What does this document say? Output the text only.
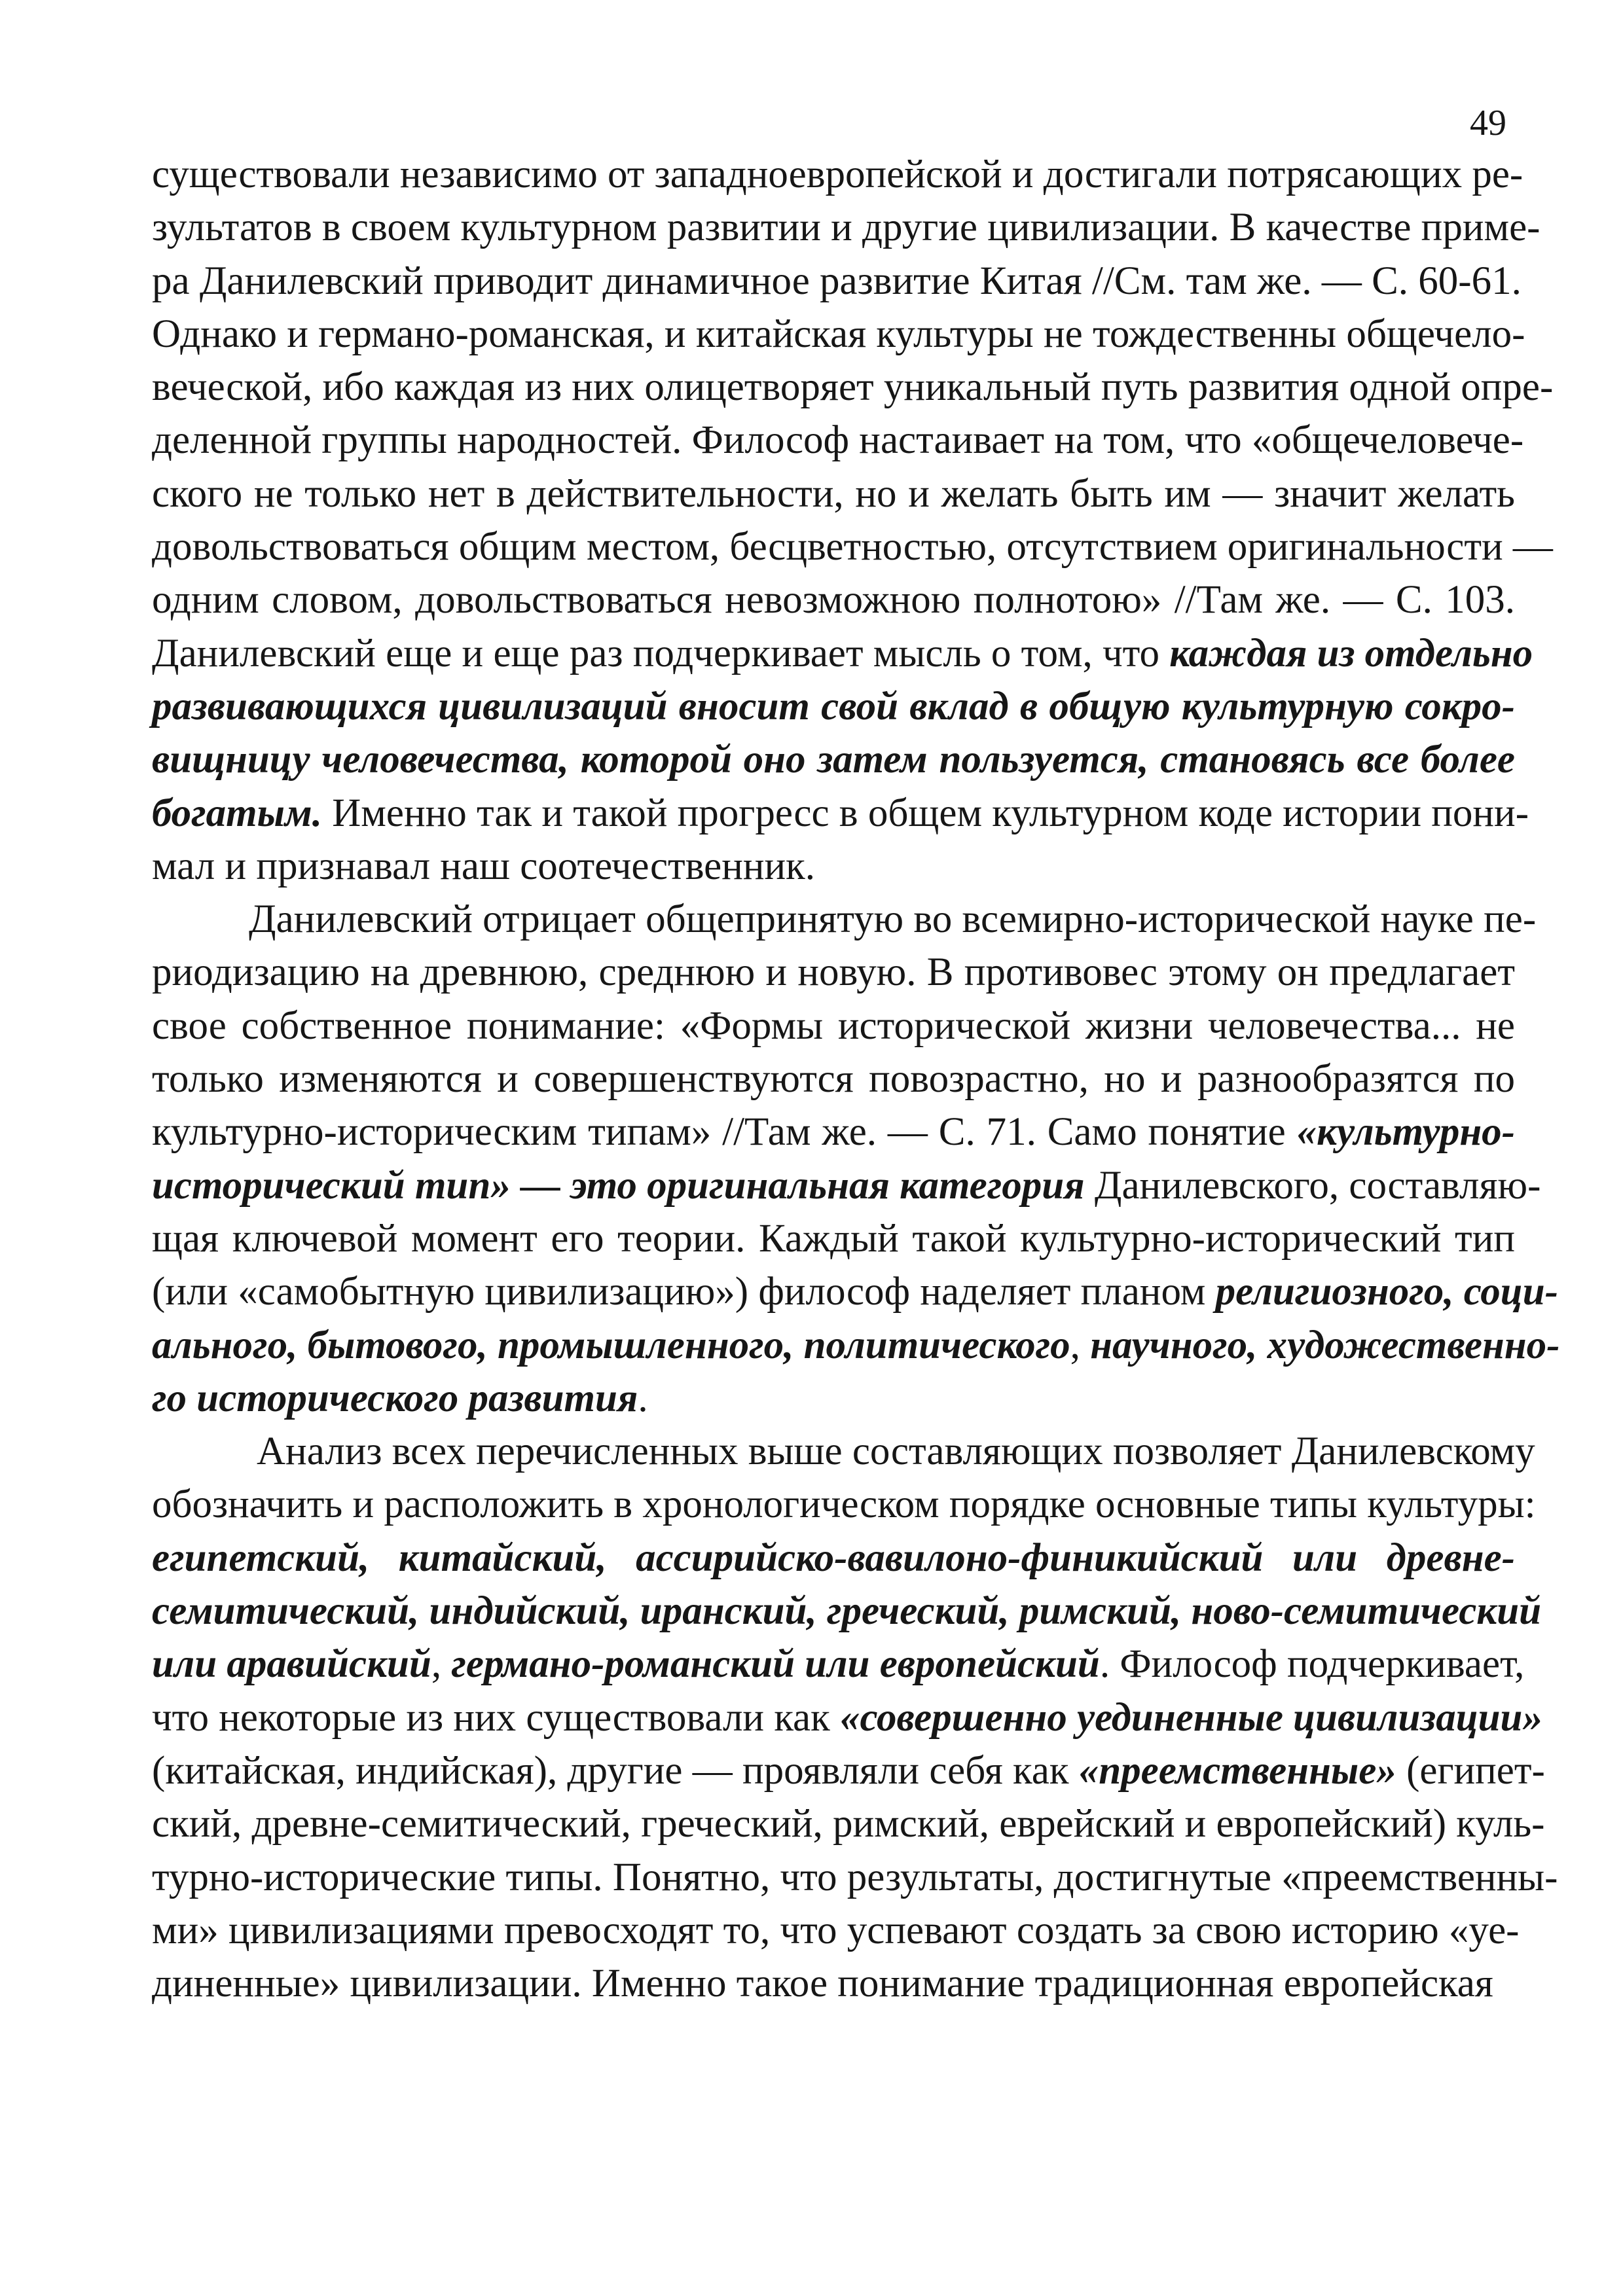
49
существовали независимо от западноевропейской и достигали потрясающих ре-
зультатов в своем культурном развитии и другие цивилизации. В качестве приме-
ра Данилевский приводит динамичное развитие Китая //См. там же. — С. 60-61.
Однако и германо-романская, и китайская культуры не тождественны общечело-
веческой, ибо каждая из них олицетворяет уникальный путь развития одной опре-
деленной группы народностей. Философ настаивает на том, что «общечеловече-
ского не только нет в действительности, но и желать быть им — значит желать
довольствоваться общим местом, бесцветностью, отсутствием оригинальности —
одним словом, довольствоваться невозможною полнотою» //Там же. — С. 103.
Данилевский еще и еще раз подчеркивает мысль о том, что каждая из отдельно
развивающихся цивилизаций вносит свой вклад в общую культурную сокро-
вищницу человечества, которой оно затем пользуется, становясь все более
богатым. Именно так и такой прогресс в общем культурном коде истории пони-
мал и признавал наш соотечественник.
Данилевский отрицает общепринятую во всемирно-исторической науке пе-
риодизацию на древнюю, среднюю и новую. В противовес этому он предлагает
свое собственное понимание: «Формы исторической жизни человечества... не
только изменяются и совершенствуются повозрастно, но и разнообразятся по
культурно-историческим типам» //Там же. — С. 71. Само понятие «культурно-
исторический тип» — это оригинальная категория Данилевского, составляю-
щая ключевой момент его теории. Каждый такой культурно-исторический тип
(или «самобытную цивилизацию») философ наделяет планом религиозного, соци-
ального, бытового, промышленного, политического, научного, художественно-
го исторического развития.
Анализ всех перечисленных выше составляющих позволяет Данилевскому
обозначить и расположить в хронологическом порядке основные типы культуры:
египетский, китайский, ассирийско-вавилоно-финикийский или древне-
семитический, индийский, иранский, греческий, римский, ново-семитический
или аравийский, германо-романский или европейский. Философ подчеркивает,
что некоторые из них существовали как «совершенно уединенные цивилизации»
(китайская, индийская), другие — проявляли себя как «преемственные» (египет-
ский, древне-семитический, греческий, римский, еврейский и европейский) куль-
турно-исторические типы. Понятно, что результаты, достигнутые «преемственны-
ми» цивилизациями превосходят то, что успевают создать за свою историю «уе-
диненные» цивилизации. Именно такое понимание традиционная европейская
